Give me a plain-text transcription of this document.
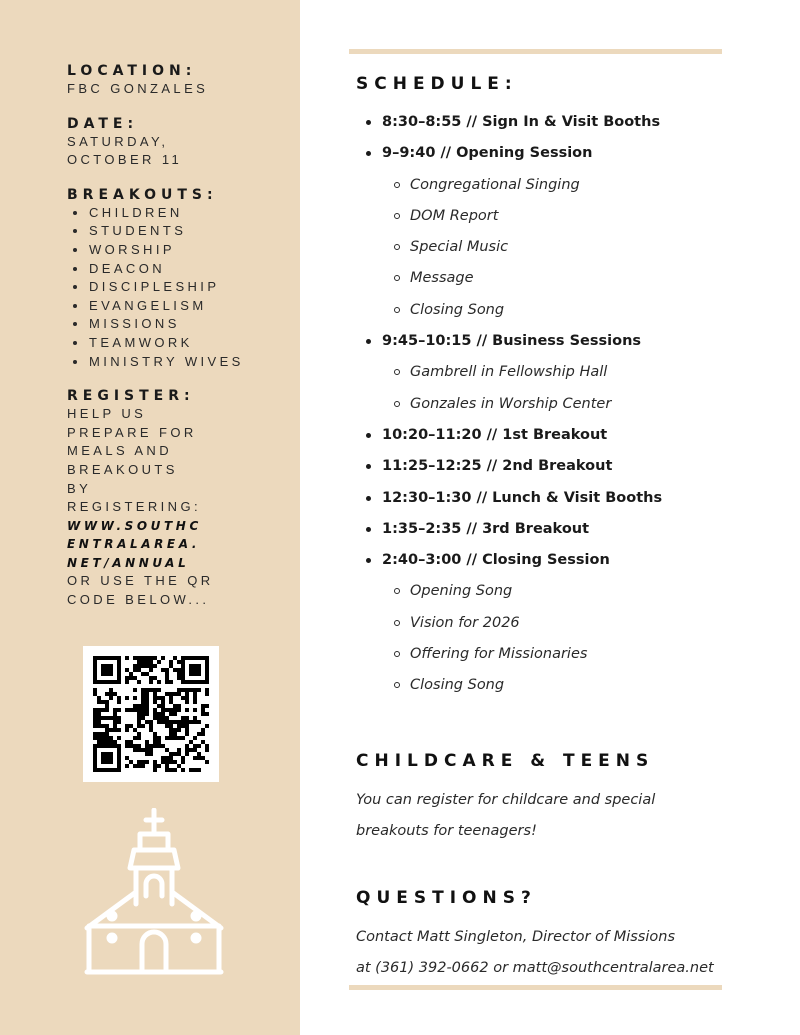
LOCATION:
FBC GONZALES
DATE:
SATURDAY,
OCTOBER 11
BREAKOUTS:
CHILDREN
STUDENTS
WORSHIP
DEACON
DISCIPLESHIP
EVANGELISM
MISSIONS
TEAMWORK
MINISTRY WIVES
REGISTER:
HELP US PREPARE FOR MEALS AND BREAKOUTS BY REGISTERING:
WWW.SOUTHCENTRALAREA.NET/ANNUAL
OR USE THE QR CODE BELOW...
SCHEDULE:
8:30–8:55 // Sign In & Visit Booths
9–9:40 // Opening Session
Congregational Singing
DOM Report
Special Music
Message
Closing Song
9:45–10:15 // Business Sessions
Gambrell in Fellowship Hall
Gonzales in Worship Center
10:20–11:20 // 1st Breakout
11:25–12:25 // 2nd Breakout
12:30–1:30 // Lunch & Visit Booths
1:35–2:35 // 3rd Breakout
2:40–3:00 // Closing Session
Opening Song
Vision for 2026
Offering for Missionaries
Closing Song
CHILDCARE & TEENS

You can register for childcare and special

breakouts for teenagers!

QUESTIONS?

Contact Matt Singleton, Director of Missions

at (361) 392-0662 or matt@southcentralarea.net
